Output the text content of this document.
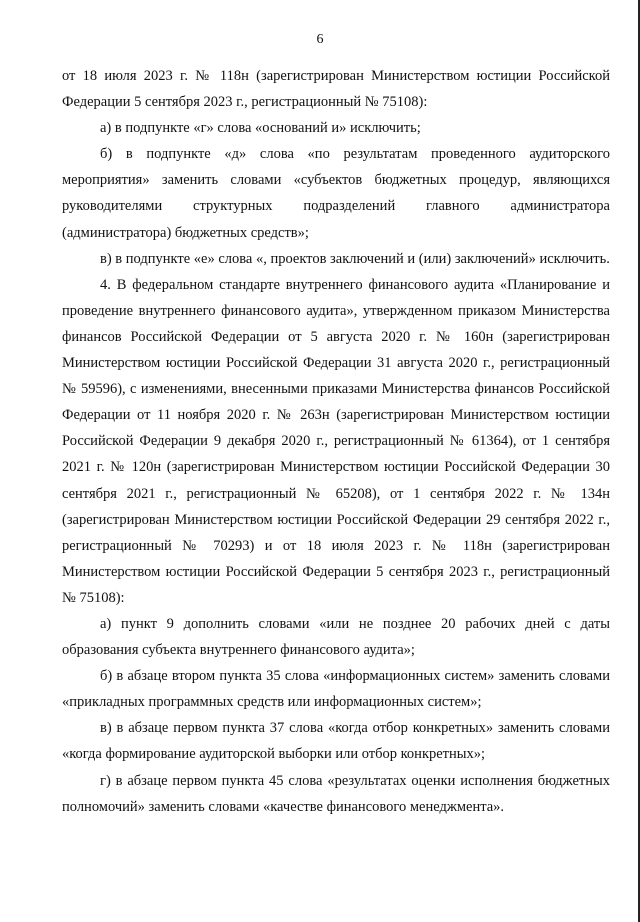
6

от 18 июля 2023 г. № 118н (зарегистрирован Министерством юстиции Российской Федерации 5 сентября 2023 г., регистрационный № 75108):

а) в подпункте «г» слова «оснований и» исключить;

б) в подпункте «д» слова «по результатам проведенного аудиторского мероприятия» заменить словами «субъектов бюджетных процедур, являющихся руководителями структурных подразделений главного администратора (администратора) бюджетных средств»;

в) в подпункте «е» слова «, проектов заключений и (или) заключений» исключить.

4. В федеральном стандарте внутреннего финансового аудита «Планирование и проведение внутреннего финансового аудита», утвержденном приказом Министерства финансов Российской Федерации от 5 августа 2020 г. № 160н (зарегистрирован Министерством юстиции Российской Федерации 31 августа 2020 г., регистрационный № 59596), с изменениями, внесенными приказами Министерства финансов Российской Федерации от 11 ноября 2020 г. № 263н (зарегистрирован Министерством юстиции Российской Федерации 9 декабря 2020 г., регистрационный № 61364), от 1 сентября 2021 г. № 120н (зарегистрирован Министерством юстиции Российской Федерации 30 сентября 2021 г., регистрационный № 65208), от 1 сентября 2022 г. № 134н (зарегистрирован Министерством юстиции Российской Федерации 29 сентября 2022 г., регистрационный № 70293) и от 18 июля 2023 г. № 118н (зарегистрирован Министерством юстиции Российской Федерации 5 сентября 2023 г., регистрационный № 75108):

а) пункт 9 дополнить словами «или не позднее 20 рабочих дней с даты образования субъекта внутреннего финансового аудита»;

б) в абзаце втором пункта 35 слова «информационных систем» заменить словами «прикладных программных средств или информационных систем»;

в) в абзаце первом пункта 37 слова «когда отбор конкретных» заменить словами «когда формирование аудиторской выборки или отбор конкретных»;

г) в абзаце первом пункта 45 слова «результатах оценки исполнения бюджетных полномочий» заменить словами «качестве финансового менеджмента».
